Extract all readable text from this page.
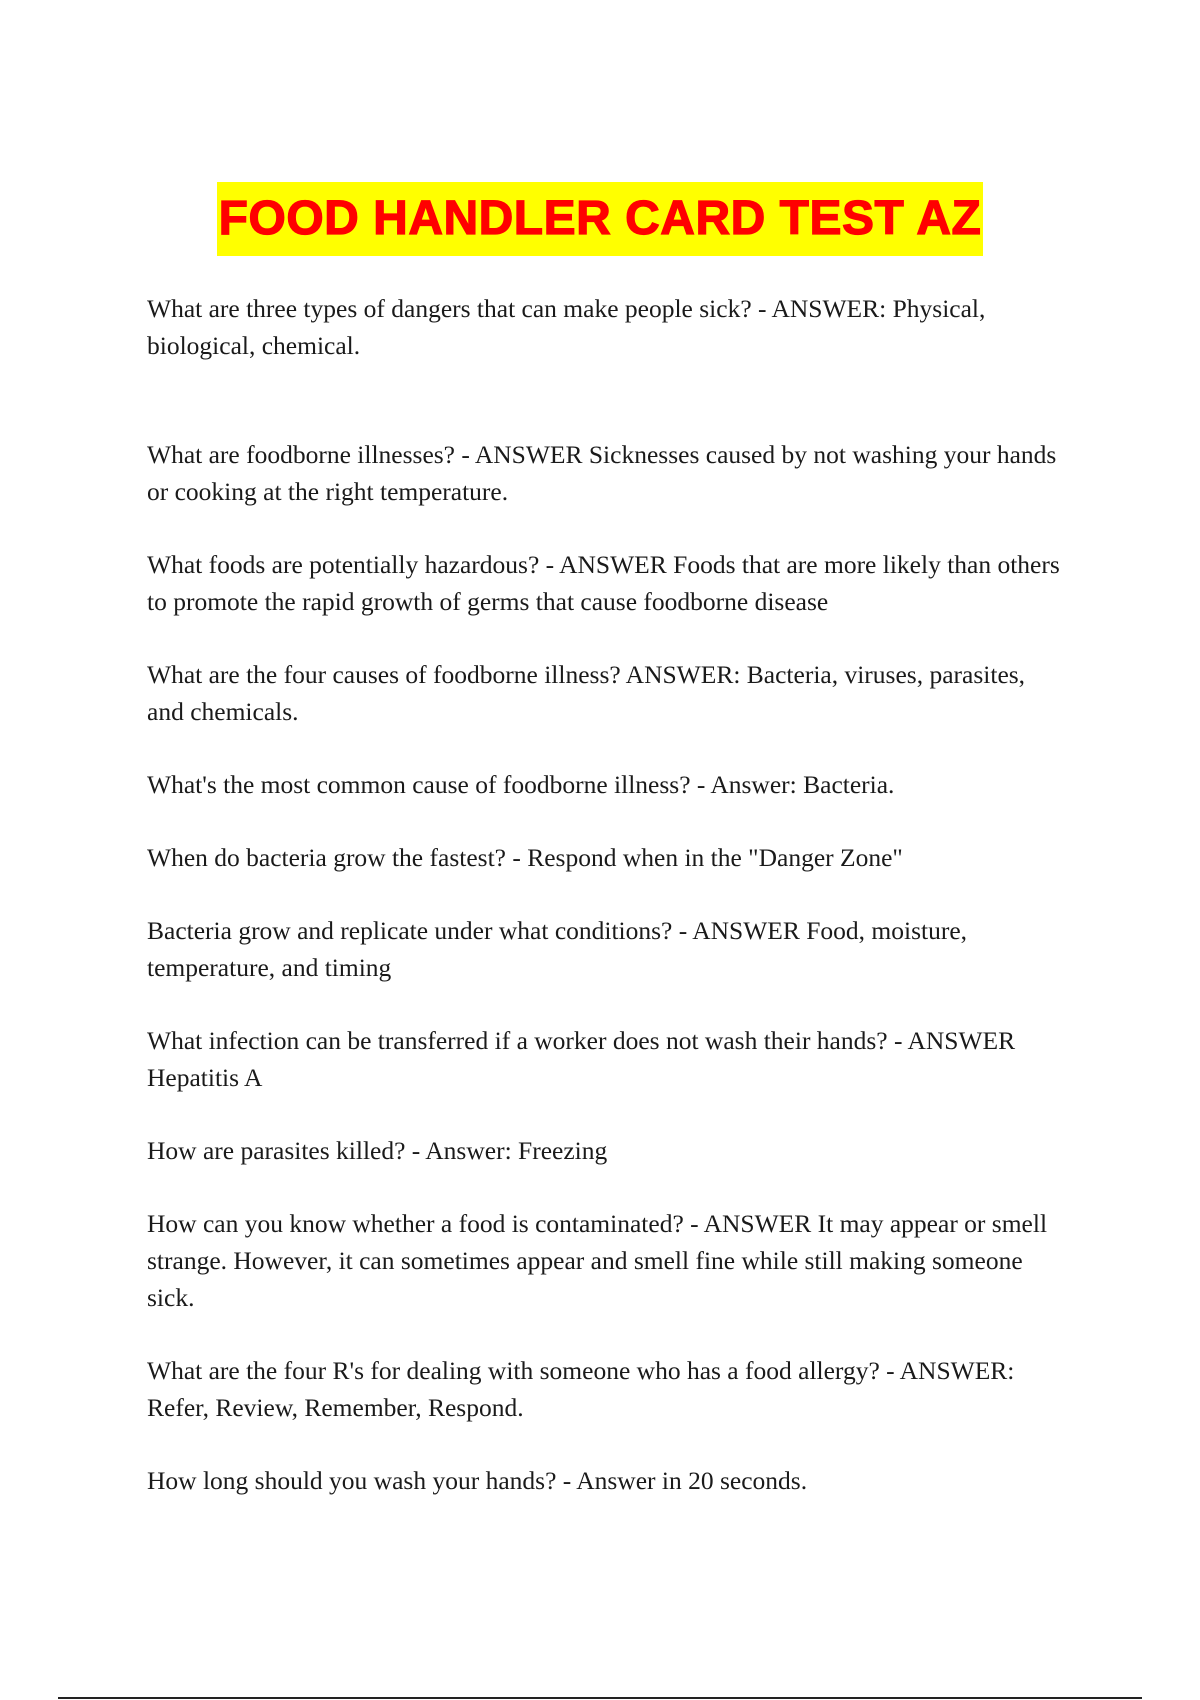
FOOD HANDLER CARD TEST AZ

What are three types of dangers that can make people sick? - ANSWER: Physical, biological, chemical.

What are foodborne illnesses? - ANSWER Sicknesses caused by not washing your hands or cooking at the right temperature.

What foods are potentially hazardous? - ANSWER Foods that are more likely than others to promote the rapid growth of germs that cause foodborne disease

What are the four causes of foodborne illness? ANSWER: Bacteria, viruses, parasites, and chemicals.

What's the most common cause of foodborne illness? - Answer: Bacteria.

When do bacteria grow the fastest? - Respond when in the "Danger Zone"

Bacteria grow and replicate under what conditions? - ANSWER Food, moisture, temperature, and timing

What infection can be transferred if a worker does not wash their hands? - ANSWER Hepatitis A

How are parasites killed? - Answer: Freezing

How can you know whether a food is contaminated? - ANSWER It may appear or smell strange. However, it can sometimes appear and smell fine while still making someone sick.

What are the four R's for dealing with someone who has a food allergy? - ANSWER: Refer, Review, Remember, Respond.

How long should you wash your hands? - Answer in 20 seconds.
